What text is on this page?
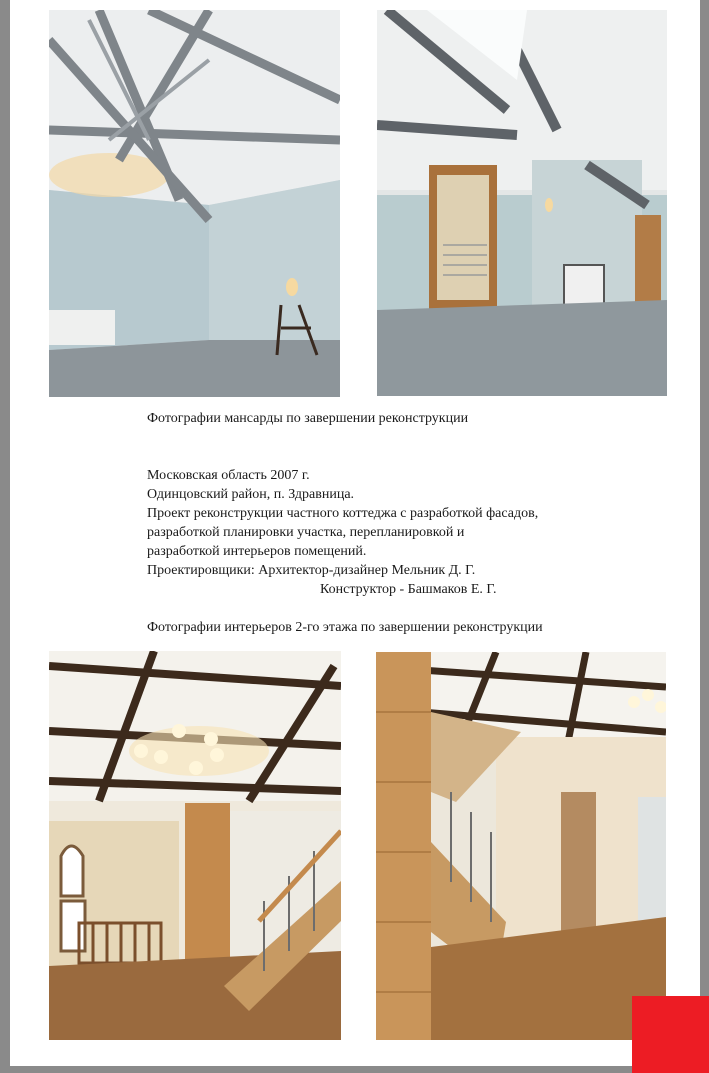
Фотографии мансарды по завершении реконструкции
Московская область 2007 г.
Одинцовский район, п. Здравница.
Проект реконструкции частного коттеджа с разработкой фасадов,
разработкой планировки участка, перепланировкой и
разработкой интерьеров помещений.
Проектировщики: Архитектор-дизайнер Мельник Д. Г.
Конструктор - Башмаков Е. Г.
Фотографии интерьеров 2-го этажа по завершении реконструкции
